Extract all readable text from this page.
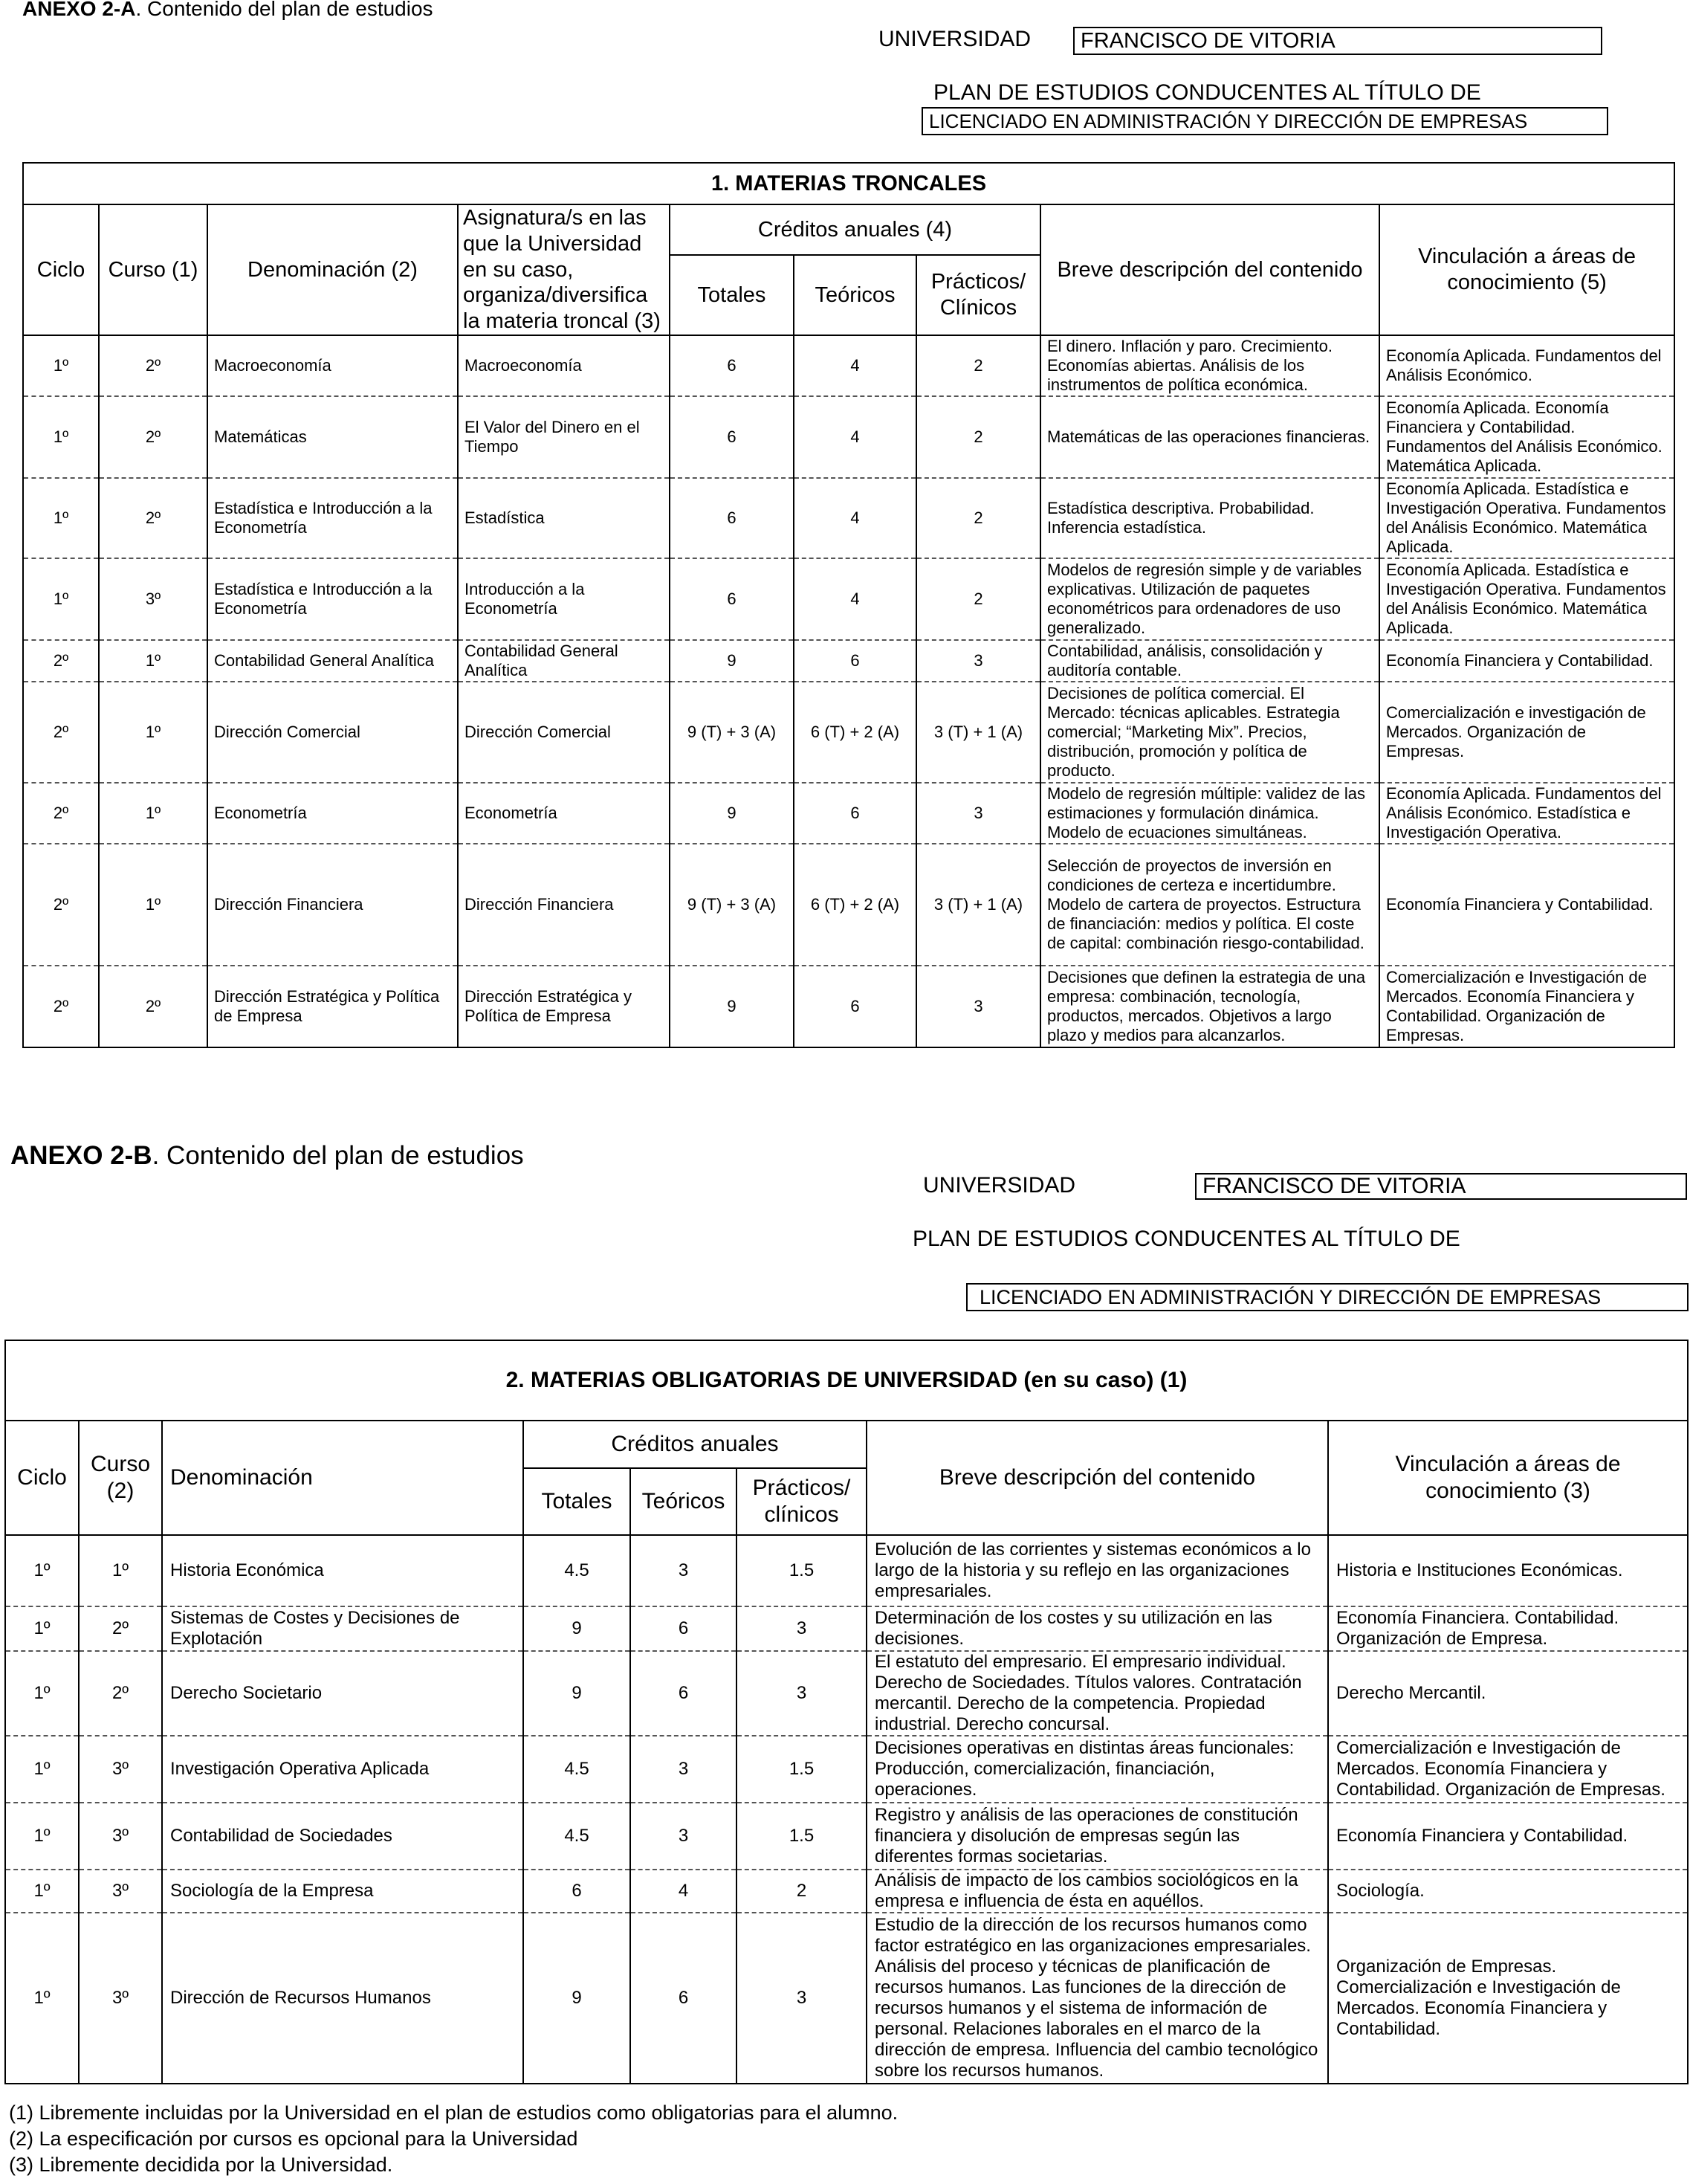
ANEXO 2-A. Contenido del plan de estudios
UNIVERSIDAD	FRANCISCO DE VITORIA
PLAN DE ESTUDIOS CONDUCENTES AL TÍTULO DE
LICENCIADO EN ADMINISTRACIÓN Y DIRECCIÓN DE EMPRESAS
1. MATERIAS TRONCALES								
Ciclo	Curso (1)	Denominación (2)	Asignatura/s en las que la Universidad en su caso, organiza/diversifica la materia troncal (3)	Créditos anuales (4)			Breve descripción del contenido	Vinculación a áreas de conocimiento (5)
				Totales	Teóricos	Prácticos/ Clínicos		
1º	2º	Macroeconomía	Macroeconomía	6	4	2	El dinero. Inflación y paro. Crecimiento. Economías abiertas. Análisis de los instrumentos de política económica.	Economía Aplicada. Fundamentos del Análisis Económico.
1º	2º	Matemáticas	El Valor del Dinero en el Tiempo	6	4	2	Matemáticas de las operaciones financieras.	Economía Aplicada. Economía Financiera y Contabilidad. Fundamentos del Análisis Económico. Matemática Aplicada.
1º	2º	Estadística e Introducción a la Econometría	Estadística	6	4	2	Estadística descriptiva. Probabilidad. Inferencia estadística.	Economía Aplicada. Estadística e Investigación Operativa. Fundamentos del Análisis Económico. Matemática Aplicada.
1º	3º	Estadística e Introducción a la Econometría	Introducción a la Econometría	6	4	2	Modelos de regresión simple y de variables explicativas. Utilización de paquetes econométricos para ordenadores de uso generalizado.	Economía Aplicada. Estadística e Investigación Operativa. Fundamentos del Análisis Económico. Matemática Aplicada.
2º	1º	Contabilidad General Analítica	Contabilidad General Analítica	9	6	3	Contabilidad, análisis, consolidación y auditoría contable.	Economía Financiera y Contabilidad.
2º	1º	Dirección Comercial	Dirección Comercial	9 (T) + 3 (A)	6 (T) + 2 (A)	3 (T) + 1 (A)	Decisiones de política comercial. El Mercado: técnicas aplicables. Estrategia comercial; “Marketing Mix”. Precios, distribución, promoción y política de producto.	Comercialización e investigación de Mercados. Organización de Empresas.
2º	1º	Econometría	Econometría	9	6	3	Modelo de regresión múltiple: validez de las estimaciones y formulación dinámica. Modelo de ecuaciones simultáneas.	Economía Aplicada. Fundamentos del Análisis Económico. Estadística e Investigación Operativa.
2º	1º	Dirección Financiera	Dirección Financiera	9 (T) + 3 (A)	6 (T) + 2 (A)	3 (T) + 1 (A)	Selección de proyectos de inversión en condiciones de certeza e incertidumbre. Modelo de cartera de proyectos. Estructura de financiación: medios y política. El coste de capital: combinación riesgo-contabilidad.	Economía Financiera y Contabilidad.
2º	2º	Dirección Estratégica y Política de Empresa	Dirección Estratégica y Política de Empresa	9	6	3	Decisiones que definen la estrategia de una empresa: combinación, tecnología, productos, mercados. Objetivos a largo plazo y medios para alcanzarlos.	Comercialización e Investigación de Mercados. Economía Financiera y Contabilidad. Organización de Empresas.
ANEXO 2-B. Contenido del plan de estudios
UNIVERSIDAD	FRANCISCO DE VITORIA
PLAN DE ESTUDIOS CONDUCENTES AL TÍTULO DE
LICENCIADO EN ADMINISTRACIÓN Y DIRECCIÓN DE EMPRESAS
2. MATERIAS OBLIGATORIAS DE UNIVERSIDAD (en su caso) (1)							
Ciclo	Curso (2)	Denominación	Créditos anuales			Breve descripción del contenido	Vinculación a áreas de conocimiento (3)
			Totales	Teóricos	Prácticos/ clínicos		
1º	1º	Historia Económica	4.5	3	1.5	Evolución de las corrientes y sistemas económicos a lo largo de la historia y su reflejo en las organizaciones empresariales.	Historia e Instituciones Económicas.
1º	2º	Sistemas de Costes y Decisiones de Explotación	9	6	3	Determinación de los costes y su utilización en las decisiones.	Economía Financiera. Contabilidad. Organización de Empresa.
1º	2º	Derecho Societario	9	6	3	El estatuto del empresario. El empresario individual. Derecho de Sociedades. Títulos valores. Contratación mercantil. Derecho de la competencia. Propiedad industrial. Derecho concursal.	Derecho Mercantil.
1º	3º	Investigación Operativa Aplicada	4.5	3	1.5	Decisiones operativas en distintas áreas funcionales: Producción, comercialización, financiación, operaciones.	Comercialización e Investigación de Mercados. Economía Financiera y Contabilidad. Organización de Empresas.
1º	3º	Contabilidad de Sociedades	4.5	3	1.5	Registro y análisis de las operaciones de constitución financiera y disolución de empresas según las diferentes formas societarias.	Economía Financiera y Contabilidad.
1º	3º	Sociología de la Empresa	6	4	2	Análisis de impacto de los cambios sociológicos en la empresa e influencia de ésta en aquéllos.	Sociología.
1º	3º	Dirección de Recursos Humanos	9	6	3	Estudio de la dirección de los recursos humanos como factor estratégico en las organizaciones empresariales. Análisis del proceso y técnicas de planificación de recursos humanos. Las funciones de la dirección de recursos humanos y el sistema de información de personal. Relaciones laborales en el marco de la dirección de empresa. Influencia del cambio tecnológico sobre los recursos humanos.	Organización de Empresas. Comercialización e Investigación de Mercados. Economía Financiera y Contabilidad.
(1) Libremente incluidas por la Universidad en el plan de estudios como obligatorias para el alumno.
(2) La especificación por cursos es opcional para la Universidad
(3) Libremente decidida por la Universidad.
